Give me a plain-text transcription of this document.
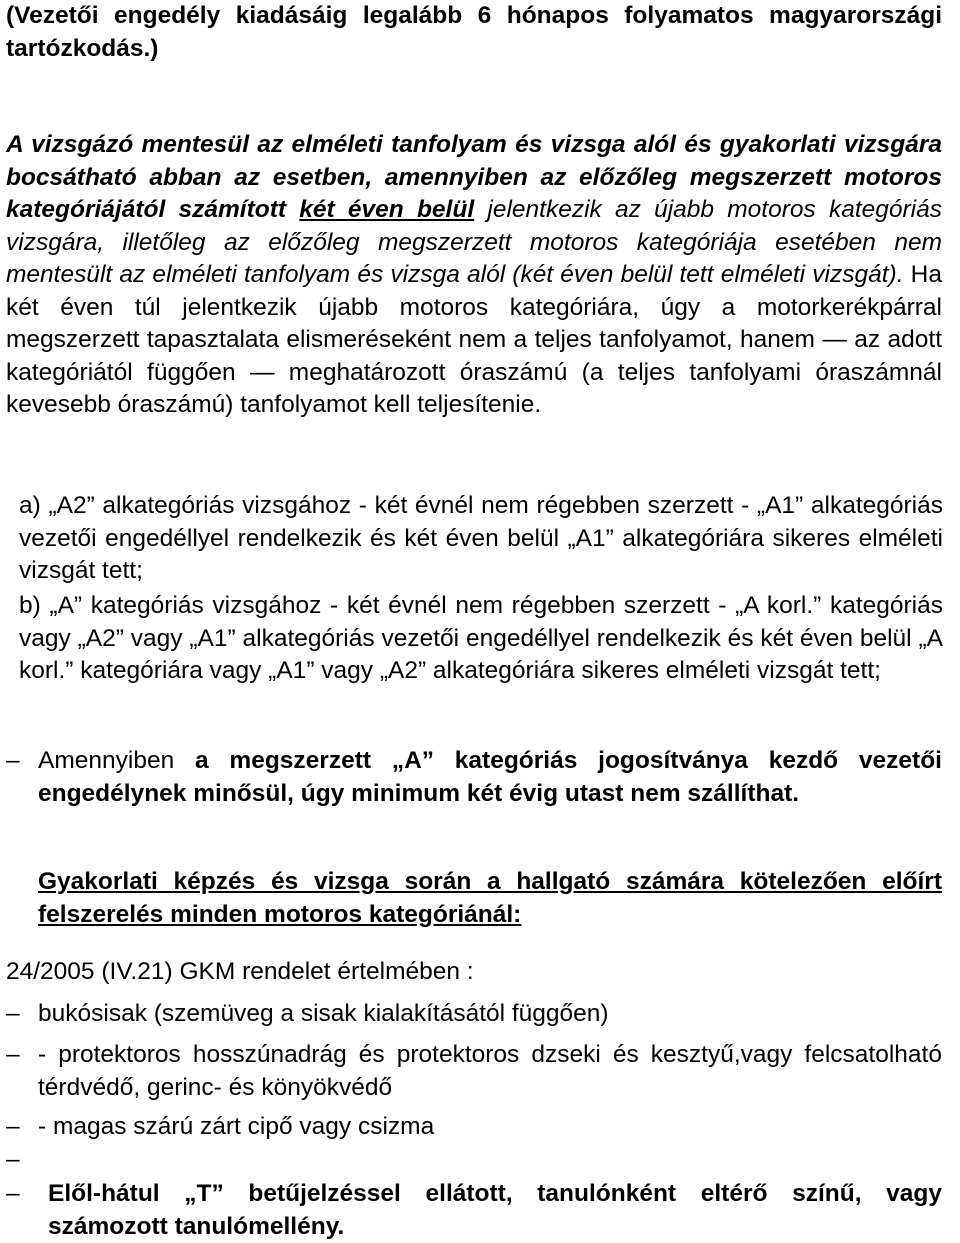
(Vezetői engedély kiadásáig legalább 6 hónapos folyamatos magyarországi tartózkodás.)

A vizsgázó mentesül az elméleti tanfolyam és vizsga alól és gyakorlati vizsgára bocsátható abban az esetben, amennyiben az előzőleg megszerzett motoros kategóriájától számított két éven belül jelentkezik az újabb motoros kategóriás vizsgára, illetőleg az előzőleg megszerzett motoros kategóriája esetében nem mentesült az elméleti tanfolyam és vizsga alól (két éven belül tett elméleti vizsgát). Ha két éven túl jelentkezik újabb motoros kategóriára, úgy a motorkerékpárral megszerzett tapasztalata elismeréseként nem a teljes tanfolyamot, hanem — az adott kategóriától függően — meghatározott óraszámú (a teljes tanfolyami óraszámnál kevesebb óraszámú) tanfolyamot kell teljesítenie.

a) „A2” alkategóriás vizsgához - két évnél nem régebben szerzett - „A1” alkategóriás vezetői engedéllyel rendelkezik és két éven belül „A1” alkategóriára sikeres elméleti vizsgát tett;

b) „A” kategóriás vizsgához - két évnél nem régebben szerzett - „A korl.” kategóriás vagy „A2” vagy „A1” alkategóriás vezetői engedéllyel rendelkezik és két éven belül „A korl.” kategóriára vagy „A1” vagy „A2” alkategóriára sikeres elméleti vizsgát tett;

– Amennyiben a megszerzett „A” kategóriás jogosítványa kezdő vezetői engedélynek minősül, úgy minimum két évig utast nem szállíthat.

Gyakorlati képzés és vizsga során a hallgató számára kötelezően előírt felszerelés minden motoros kategóriánál:

24/2005 (IV.21) GKM rendelet értelmében :

– bukósisak (szemüveg a sisak kialakításától függően)

– - protektoros hosszúnadrág és protektoros dzseki és kesztyű,vagy felcsatolható térdvédő, gerinc- és könyökvédő

– - magas szárú zárt cipő vagy csizma

–

– Elől-hátul „T” betűjelzéssel ellátott, tanulónként eltérő színű, vagy számozott tanulómellény.
